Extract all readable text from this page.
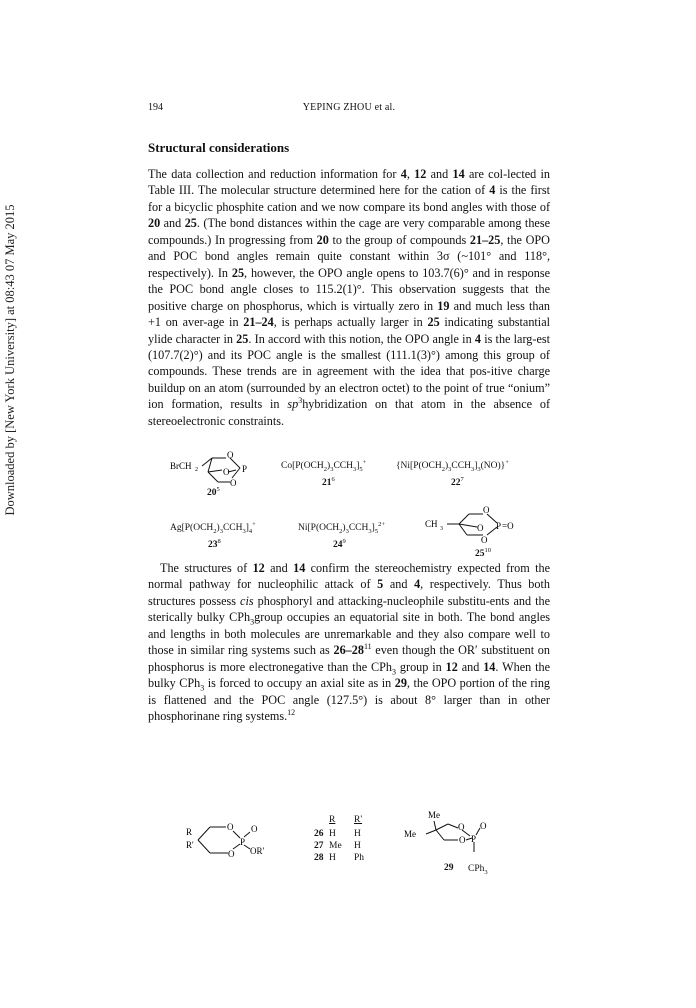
Downloaded by [New York University] at 08:43 07 May 2015
194	YEPING ZHOU et al.
Structural considerations
The data collection and reduction information for 4, 12 and 14 are col-lected in Table III. The molecular structure determined here for the cation of 4 is the first for a bicyclic phosphite cation and we now compare its bond angles with those of 20 and 25. (The bond distances within the cage are very comparable among these compounds.) In progressing from 20 to the group of compounds 21–25, the OPO and POC bond angles remain quite constant within 3σ (~101° and 118°, respectively). In 25, however, the OPO angle opens to 103.7(6)° and in response the POC bond angle closes to 115.2(1)°. This observation suggests that the positive charge on phosphorus, which is virtually zero in 19 and much less than +1 on aver-age in 21–24, is perhaps actually larger in 25 indicating substantial ylide character in 25. In accord with this notion, the OPO angle in 4 is the larg-est (107.7(2)°) and its POC angle is the smallest (111.1(3)°) among this group of compounds. These trends are in agreement with the idea that pos-itive charge buildup on an atom (surrounded by an electron octet) to the point of true “onium” ion formation, results in $sp^3hybridization$ on that atom in the absence of stereoelectronic constraints.
BrCH 2
O
O
O
P
$20^5$
$Co[P(OCH_2)_3CCH_3]_5^+$
$21^6$
$\{Ni[P(OCH_2)_3CCH_3]_3(NO)\}^+$
$22^7$
$Ag[P(OCH_2)_3CCH_3]_4^+$
$23^8$
$Ni[P(OCH_2)_3CCH_3]_5^{2+}$
$24^9$
CH 3
O
O
O
P =O
$25^{10}$
The structures of 12 and 14 confirm the stereochemistry expected from the normal pathway for nucleophilic attack of 5 and 4, respectively. Thus both structures possess cis phosphoryl and attacking-nucleophile substitu-ents and the sterically bulky CPh$_3$group occupies an equatorial site in both. The bond angles and lengths in both molecules are unremarkable and they also compare well to those in similar ring systems such as $26-28^{11}$ even though the OR′ substituent on phosphorus is more electronegative than the CPh$_3$ group in 12 and 14. When the bulky CPh$_3$ is forced to occupy an axial site as in 29, the OPO portion of the ring is flattened and the POC angle (127.5°) is about 8° larger than in other phosphorinane ring systems.$^{12}$
R
R'
O
O
P
O
OR'
R R'
26 H H
27 Me H
28 H Ph
Me
Me
O
O P
O
29 CPh$_3$
